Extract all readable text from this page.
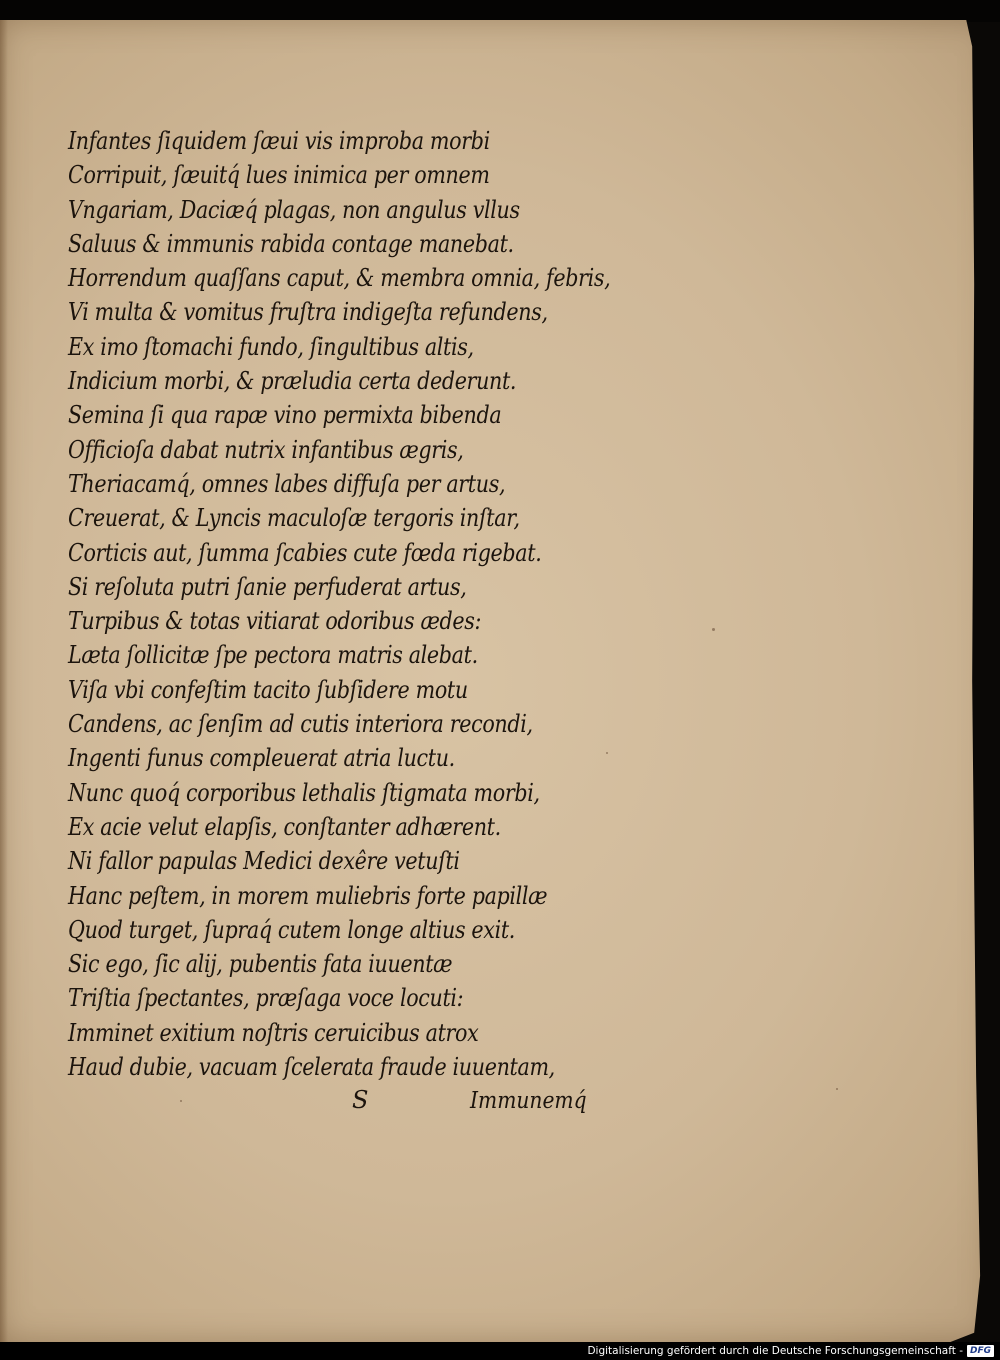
Infantes ſiquidem ſæui vis improba morbi
Corripuit, ſæuitq́ lues inimica per omnem
Vngariam, Daciæq́ plagas, non angulus vllus
Saluus & immunis rabida contage manebat.
Horrendum quaſſans caput, & membra omnia, febris,
Vi multa & vomitus fruſtra indigeſta refundens,
Ex imo ſtomachi fundo, ſingultibus altis,
Indicium morbi, & præludia certa dederunt.
Semina ſi qua rapæ vino permixta bibenda
Officioſa dabat nutrix infantibus ægris,
Theriacamq́, omnes labes diffuſa per artus,
Creuerat, & Lyncis maculoſæ tergoris inſtar,
Corticis aut, ſumma ſcabies cute fœda rigebat.
Si reſoluta putri ſanie perfuderat artus,
Turpibus & totas vitiarat odoribus ædes:
Læta ſollicitæ ſpe pectora matris alebat.
Viſa vbi confeſtim tacito ſubſidere motu
Candens, ac ſenſim ad cutis interiora recondi,
Ingenti funus compleuerat atria luctu.
Nunc quoq́ corporibus lethalis ſtigmata morbi,
Ex acie velut elapſis, conſtanter adhærent.
Ni fallor papulas Medici dexêre vetuſti
Hanc peſtem, in morem muliebris forte papillæ
Quod turget, ſupraq́ cutem longe altius exit.
Sic ego, ſic alij, pubentis fata iuuentæ
Triſtia ſpectantes, præſaga voce locuti:
Imminet exitium noſtris ceruicibus atrox
Haud dubie, vacuam ſcelerata fraude iuuentam,
S	Immunemq́
Digitalisierung gefördert durch die Deutsche Forschungsgemeinschaft - DFG
